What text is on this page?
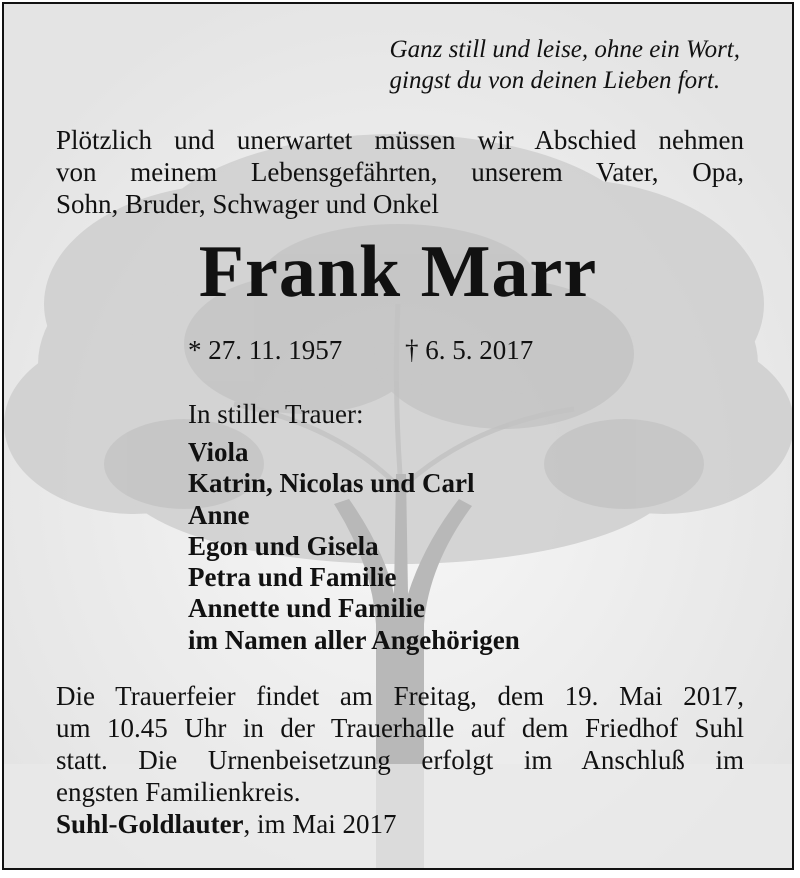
Ganz still und leise, ohne ein Wort,
gingst du von deinen Lieben fort.
Plötzlich und unerwartet müssen wir Abschied nehmen
von meinem Lebensgefährten, unserem Vater, Opa,
Sohn, Bruder, Schwager und Onkel
Frank Marr
* 27. 11. 1957 † 6. 5. 2017
In stiller Trauer:
Viola
Katrin, Nicolas und Carl
Anne
Egon und Gisela
Petra und Familie
Annette und Familie
im Namen aller Angehörigen
Die Trauerfeier findet am Freitag, dem 19. Mai 2017,
um 10.45 Uhr in der Trauerhalle auf dem Friedhof Suhl
statt. Die Urnenbeisetzung erfolgt im Anschluß im
engsten Familienkreis.
Suhl-Goldlauter, im Mai 2017
